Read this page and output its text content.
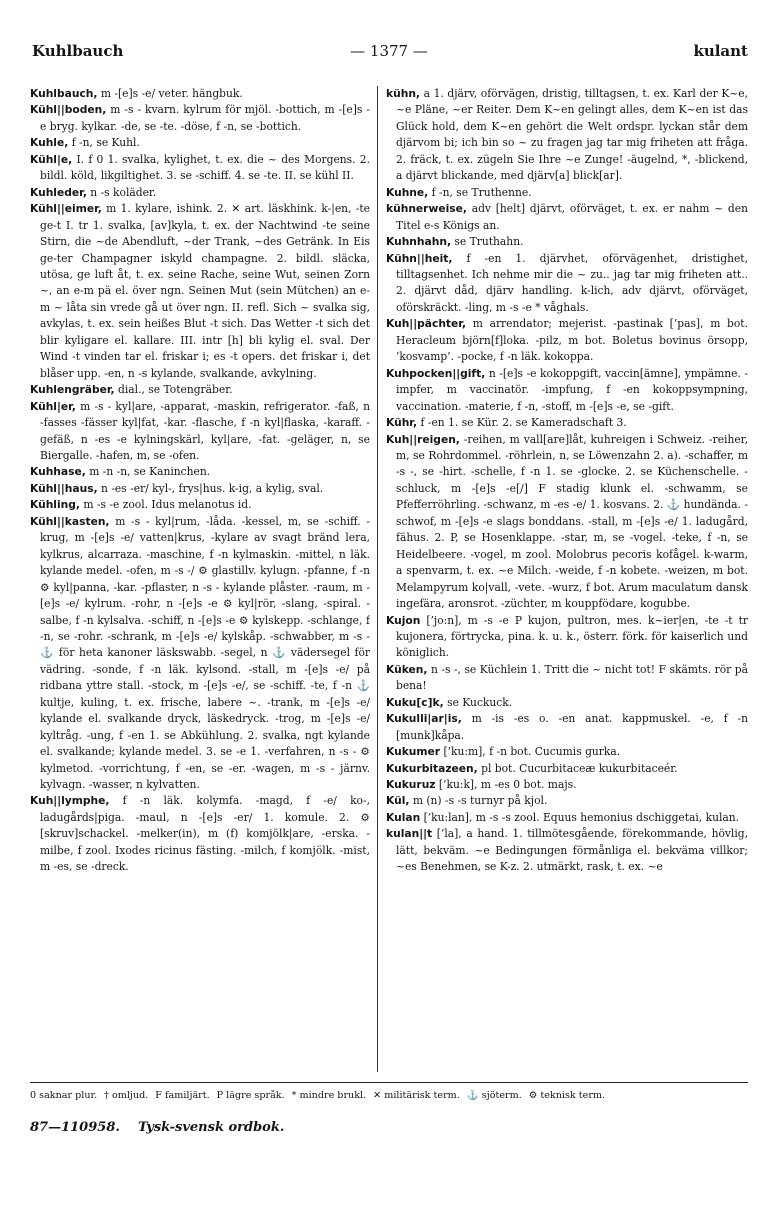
Kuhlbauch	— 1377 —	kulant

Kuhlbauch, m -[e]s -e/ veter. hängbuk.

Kühl||boden, m -s - kvarn. kylrum för mjöl. -bottich, m -[e]s -e bryg. kylkar. -de, se -te. -döse, f -n, se -bottich.

Kuhle, f -n, se Kuhl.

Kühl|e, I. f 0 1. svalka, kylighet, t. ex. die ~ des Morgens. 2. bildl. köld, likgiltighet. 3. se -schiff. 4. se -te. II. se kühl II.

Kuhleder, n -s koläder.

Kühl||eimer, m 1. kylare, ishink. 2. ✕ art. läskhink. k-|en, -te ge-t I. tr 1. svalka, [av]kyla, t. ex. der Nachtwind -te seine Stirn, die ~de Abendluft, ~der Trank, ~des Getränk. In Eis ge-ter Champagner iskyld champagne. 2. bildl. släcka, utösa, ge luft åt, t. ex. seine Rache, seine Wut, seinen Zorn ~, an e-m pä el. över ngn. Seinen Mut (sein Mütchen) an e-m ~ låta sin vrede gå ut över ngn. II. refl. Sich ~ svalka sig, avkylas, t. ex. sein heißes Blut -t sich. Das Wetter -t sich det blir kyligare el. kallare. III. intr [h] bli kylig el. sval. Der Wind -t vinden tar el. friskar i; es -t opers. det friskar i, det blåser upp. -en, n -s kylande, svalkande, avkylning.

Kuhlengräber, dial., se Totengräber.

Kühl|er, m -s - kyl|are, -apparat, -maskin, refrigerator. -faß, n -fasses -fässer kyl|fat, -kar. -flasche, f -n kyl|flaska, -karaff. -gefäß, n -es -e kylningskärl, kyl|are, -fat. -geläger, n, se Biergalle. -hafen, m, se -ofen.

Kuhhase, m -n -n, se Kaninchen.

Kühl||haus, n -es -er/ kyl-, frys|hus. k-ig, a kylig, sval.

Kühling, m -s -e zool. Idus melanotus id.

Kühl||kasten, m -s - kyl|rum, -låda. -kessel, m, se -schiff. -krug, m -[e]s -e/ vatten|krus, -kylare av svagt bränd lera, kylkrus, alcarraza. -maschine, f -n kylmaskin. -mittel, n läk. kylande medel. -ofen, m -s -/ ⚙ glastillv. kylugn. -pfanne, f -n ⚙ kyl|panna, -kar. -pflaster, n -s - kylande plåster. -raum, m -[e]s -e/ kylrum. -rohr, n -[e]s -e ⚙ kyl|rör, -slang, -spiral. -salbe, f -n kylsalva. -schiff, n -[e]s -e ⚙ kylskepp. -schlange, f -n, se -rohr. -schrank, m -[e]s -e/ kylskåp. -schwabber, m -s - ⚓ för heta kanoner läskswabb. -segel, n ⚓ vädersegel för vädring. -sonde, f -n läk. kylsond. -stall, m -[e]s -e/ på ridbana yttre stall. -stock, m -[e]s -e/, se -schiff. -te, f -n ⚓ kultje, kuling, t. ex. frische, labere ~. -trank, m -[e]s -e/ kylande el. svalkande dryck, läskedryck. -trog, m -[e]s -e/ kyltråg. -ung, f -en 1. se Abkühlung. 2. svalka, ngt kylande el. svalkande; kylande medel. 3. se -e 1. -verfahren, n -s - ⚙ kylmetod. -vorrichtung, f -en, se -er. -wagen, m -s - järnv. kylvagn. -wasser, n kylvatten.

Kuh||lymphe, f -n läk. kolymfa. -magd, f -e/ ko-, ladugårds|piga. -maul, n -[e]s -er/ 1. komule. 2. ⚙ [skruv]schackel. -melker(in), m (f) komjölk|are, -erska. -milbe, f zool. Ixodes ricinus fästing. -milch, f komjölk. -mist, m -es, se -dreck.

kühn, a 1. djärv, oförvägen, dristig, tilltagsen, t. ex. Karl der K~e, ~e Pläne, ~er Reiter. Dem K~en gelingt alles, dem K~en ist das Glück hold, dem K~en gehört die Welt ordspr. lyckan står dem djärvom bi; ich bin so ~ zu fragen jag tar mig friheten att fråga. 2. fräck, t. ex. zügeln Sie Ihre ~e Zunge! -äugelnd, *, -blickend, a djärvt blickande, med djärv[a] blick[ar].

Kuhne, f -n, se Truthenne.

kühnerweise, adv [helt] djärvt, oförväget, t. ex. er nahm ~ den Titel e-s Königs an.

Kuhnhahn, se Truthahn.

Kühn||heit, f -en 1. djärvhet, oförvägenhet, dristighet, tilltagsenhet. Ich nehme mir die ~ zu.. jag tar mig friheten att.. 2. djärvt dåd, djärv handling. k-lich, adv djärvt, oförväget, oförskräckt. -ling, m -s -e * våghals.

Kuh||pächter, m arrendator; mejerist. -pastinak [’pas], m bot. Heracleum björn[f]loka. -pilz, m bot. Boletus bovinus örsopp, ’kosvamp’. -pocke, f -n läk. kokoppa.

Kuhpocken||gift, n -[e]s -e kokoppgift, vaccin[ämne], ympämne. -impfer, m vaccinatör. -impfung, f -en kokoppsympning, vaccination. -materie, f -n, -stoff, m -[e]s -e, se -gift.

Kühr, f -en 1. se Kür. 2. se Kameradschaft 3.

Kuh||reigen, -reihen, m vall[are]låt, kuhreigen i Schweiz. -reiher, m, se Rohrdommel. -röhrlein, n, se Löwenzahn 2. a). -schaffer, m -s -, se -hirt. -schelle, f -n 1. se -glocke. 2. se Küchenschelle. -schluck, m -[e]s -e[/] F stadig klunk el. -schwamm, se Pfefferröhrling. -schwanz, m -es -e/ 1. kosvans. 2. ⚓ hundända. -schwof, m -[e]s -e slags bonddans. -stall, m -[e]s -e/ 1. ladugård, fähus. 2. P, se Hosenklappe. -star, m, se -vogel. -teke, f -n, se Heidelbeere. -vogel, m zool. Molobrus pecoris kofågel. k-warm, a spenvarm, t. ex. ~e Milch. -weide, f -n kobete. -weizen, m bot. Melampyrum ko|vall, -vete. -wurz, f bot. Arum maculatum dansk ingefära, aronsrot. -züchter, m kouppfödare, kogubbe.

Kujon [’jo:n], m -s -e P kujon, pultron, mes. k~ier|en, -te -t tr kujonera, förtrycka, pina. k. u. k., österr. förk. för kaiserlich und königlich.

Küken, n -s -, se Küchlein 1. Tritt die ~ nicht tot! F skämts. rör på bena!

Kuku[c]k, se Kuckuck.

Kukulli|ar|is, m -is -es o. -en anat. kappmuskel. -e, f -n [munk]kåpa.

Kukumer [’ku:m], f -n bot. Cucumis gurka.

Kukurbitazeen, pl bot. Cucurbitaceæ kukurbitaceér.

Kukuruz [’ku:k], m -es 0 bot. majs.

Kül, m (n) -s -s turnyr på kjol.

Kulan [’ku:lan], m -s -s zool. Equus hemonius dschiggetai, kulan.

kulan||t [’la], a hand. 1. tillmötesgående, förekommande, hövlig, lätt, bekväm. ~e Bedingungen förmånliga el. bekväma villkor; ~es Benehmen, se K-z. 2. utmärkt, rask, t. ex. ~e

0 saknar plur. † omljud. F familjärt. P lägre språk. * mindre brukl. ✕ militärisk term. ⚓ sjöterm. ⚙ teknisk term.
87—110958. Tysk-svensk ordbok.
